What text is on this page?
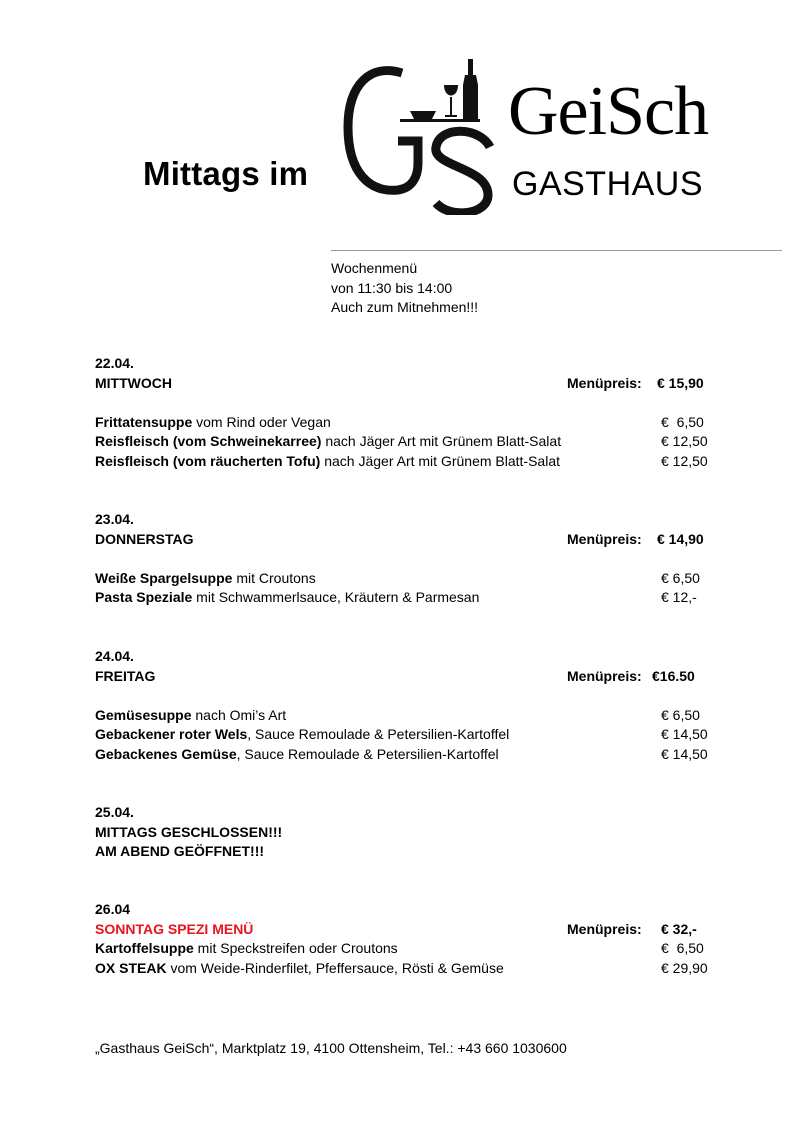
Mittags im
GeiSch
GASTHAUS
Wochenmenü
von 11:30 bis 14:00
Auch zum Mitnehmen!!!
22.04.
MITTWOCH	Menüpreis: € 15,90
Frittatensuppe vom Rind oder Vegan	€  6,50
Reisfleisch (vom Schweinekarree) nach Jäger Art mit Grünem Blatt-Salat	€ 12,50
Reisfleisch (vom räucherten Tofu) nach Jäger Art mit Grünem Blatt-Salat	€ 12,50
23.04.
DONNERSTAG	Menüpreis: € 14,90
Weiße Spargelsuppe mit Croutons	€ 6,50
Pasta Speziale mit Schwammerlsauce, Kräutern & Parmesan	€ 12,-
24.04.
FREITAG	Menüpreis: €16.50
Gemüsesuppe nach Omi’s Art	€ 6,50
Gebackener roter Wels, Sauce Remoulade & Petersilien-Kartoffel	€ 14,50
Gebackenes Gemüse, Sauce Remoulade & Petersilien-Kartoffel	€ 14,50
25.04.
MITTAGS GESCHLOSSEN!!!
AM ABEND GEÖFFNET!!!
26.04
SONNTAG SPEZI MENÜ	Menüpreis: € 32,-
Kartoffelsuppe mit Speckstreifen oder Croutons	€  6,50
OX STEAK vom Weide-Rinderfilet, Pfeffersauce, Rösti & Gemüse	€ 29,90
„Gasthaus GeiSch“, Marktplatz 19, 4100 Ottensheim, Tel.: +43 660 1030600
